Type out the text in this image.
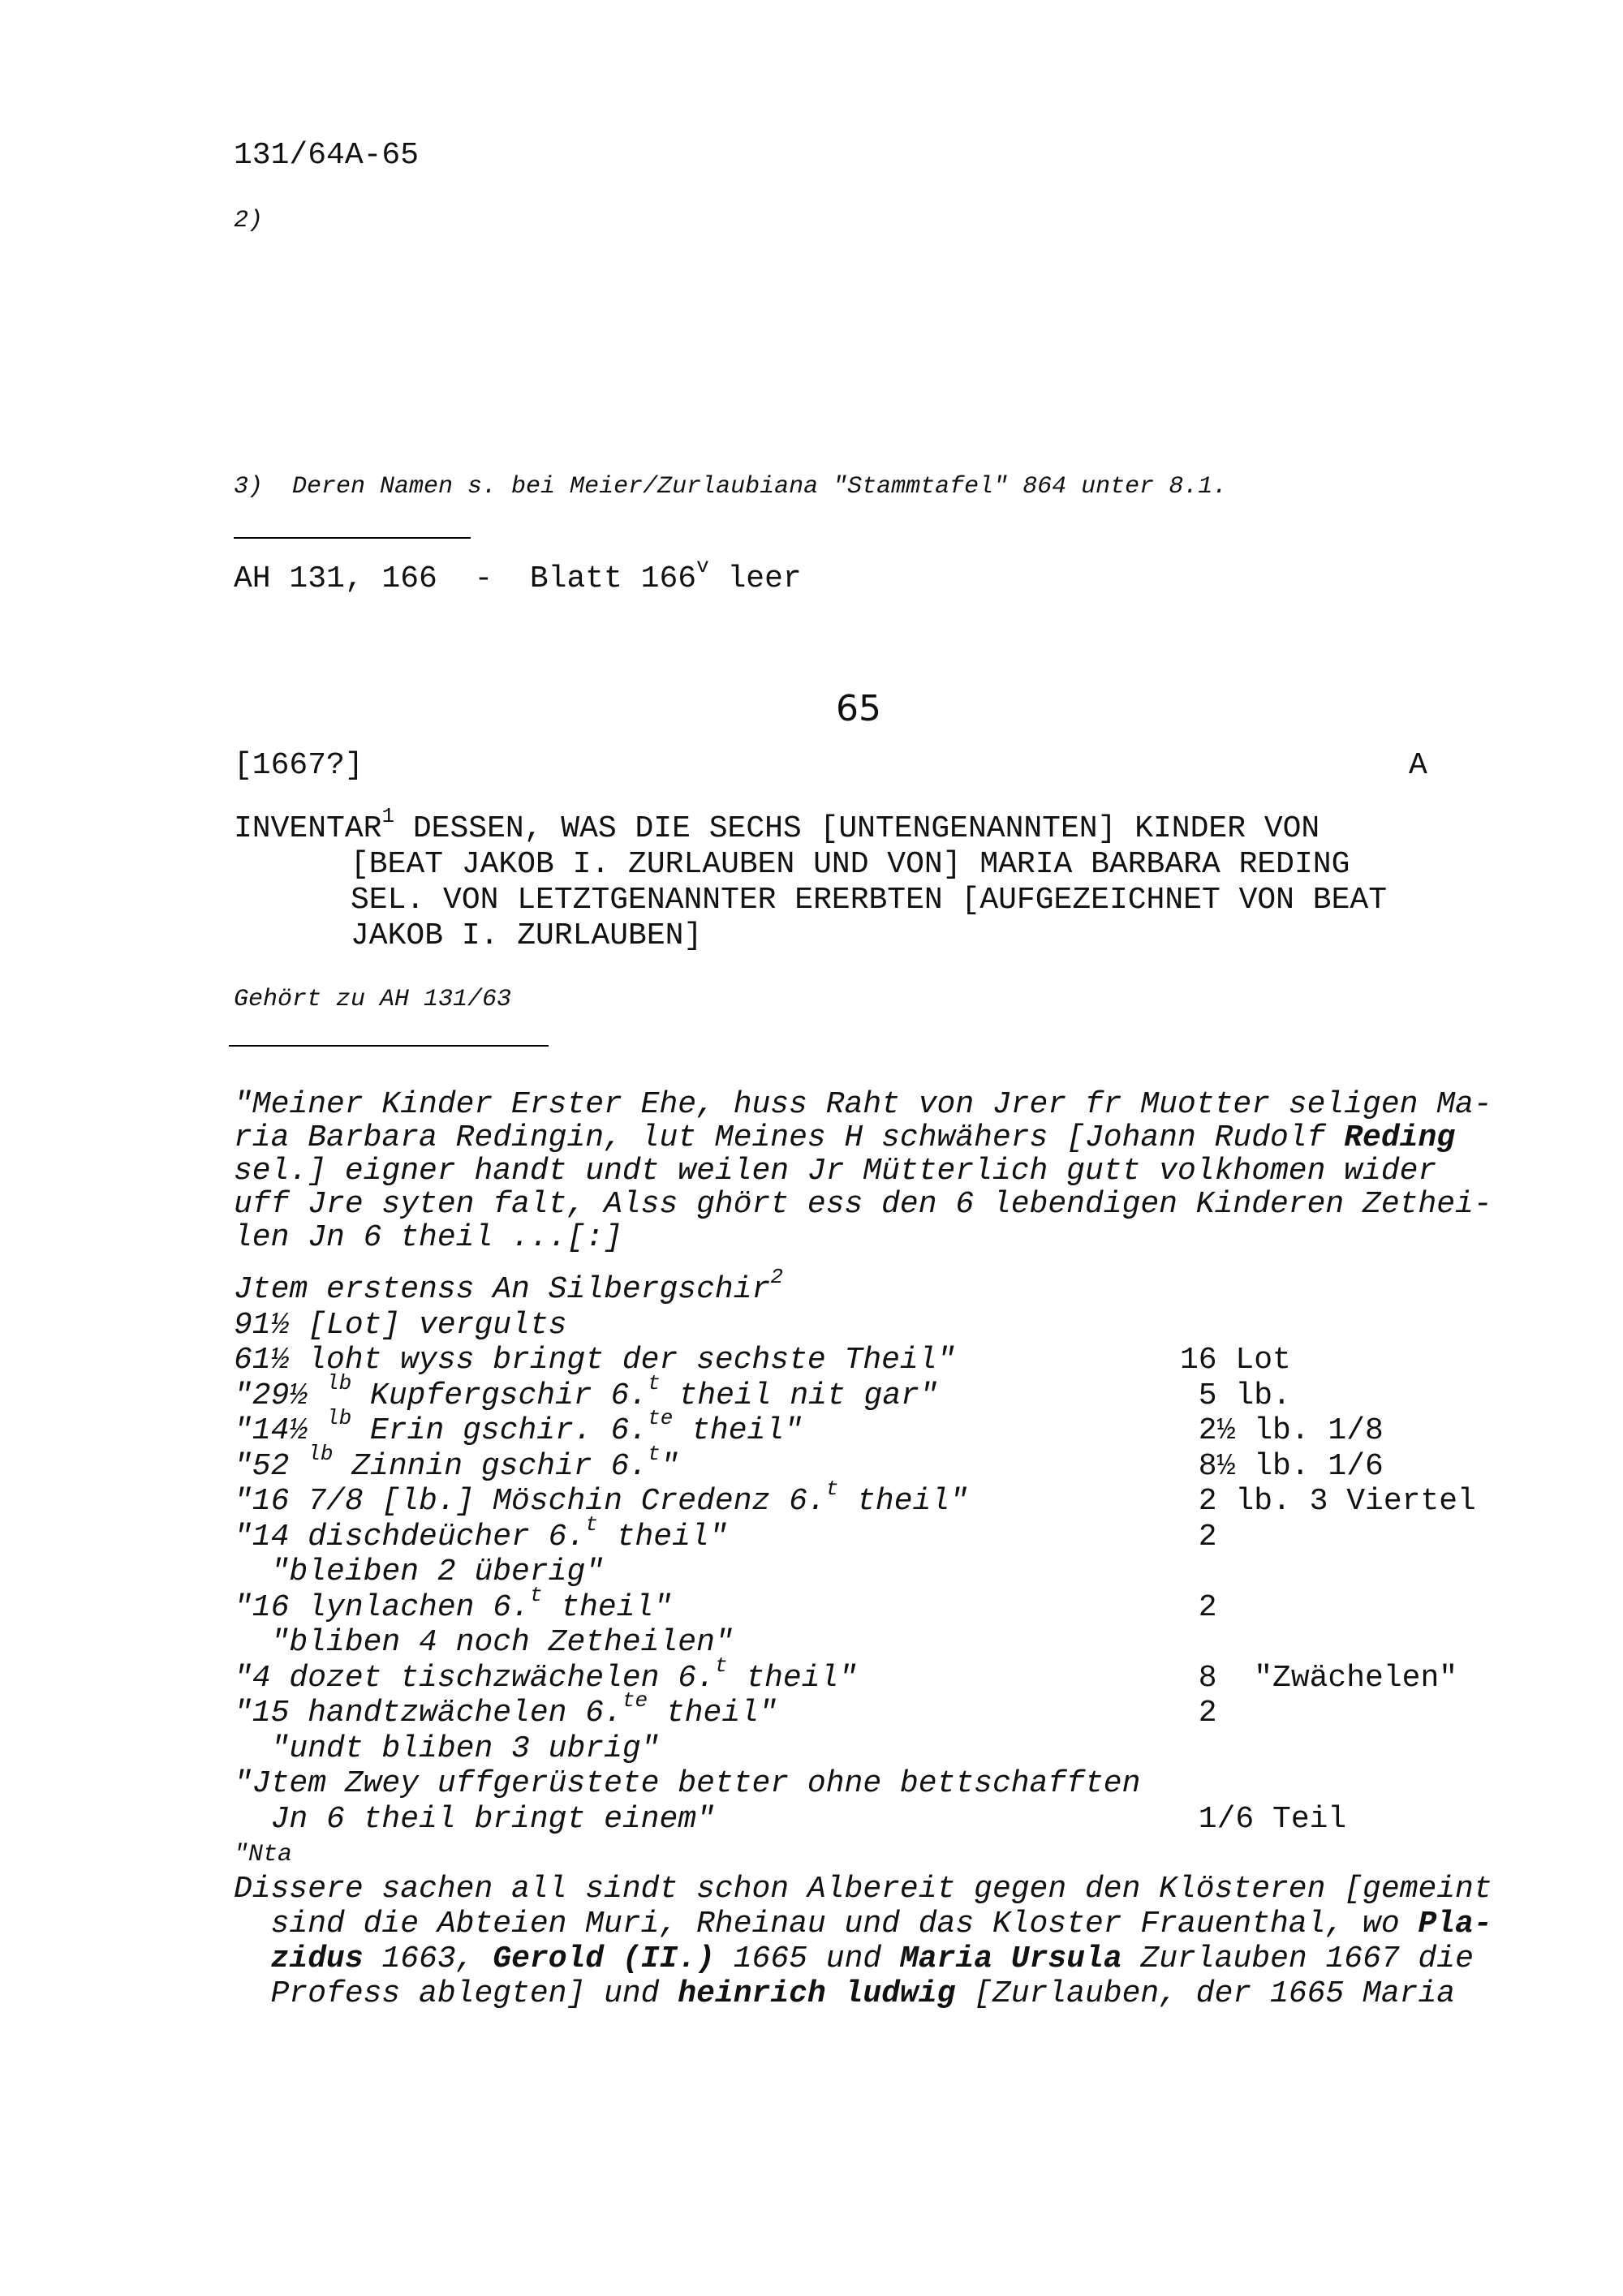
131/64A-65
2)
3)  Deren Namen s. bei Meier/Zurlaubiana "Stammtafel" 864 unter 8.1.
AH 131, 166  -  Blatt 166$^v$ leer
65
[1667?]	A
INVENTAR$^1$ DESSEN, WAS DIE SECHS [UNTENGENANNTEN] KINDER VON
[BEAT JAKOB I. ZURLAUBEN UND VON] MARIA BARBARA REDING
SEL. VON LETZTGENANNTER ERERBTEN [AUFGEZEICHNET VON BEAT
JAKOB I. ZURLAUBEN]
Gehört zu AH 131/63
"Meiner Kinder Erster Ehe, huss Raht von Jrer fr Muotter seligen Ma-
ria Barbara Redingin, lut Meines H schwähers [Johann Rudolf Reding
sel.] eigner handt undt weilen Jr Mütterlich gutt volkhomen wider
uff Jre syten falt, Alss ghört ess den 6 lebendigen Kinderen Zethei-
len Jn 6 theil ...[:]
Jtem erstenss An Silbergschir$^2$
91½ [Lot] vergults
61½ loht wyss bringt der sechste Theil"	16 Lot
"29½ $^{lb}$ Kupfergschir 6.$^t$ theil nit gar"	5 lb.
"14½ $^{lb}$ Erin gschir. 6.$^{te}$ theil"	2½ lb. 1/8
"52 $^{lb}$ Zinnin gschir 6.$^t$"	8½ lb. 1/6
"16 7/8 [lb.] Möschin Credenz 6.$^t$ theil"	2 lb. 3 Viertel
"14 dischdeücher 6.$^t$ theil"	2
"bleiben 2 überig"
"16 lynlachen 6.$^t$ theil"	2
"bliben 4 noch Zetheilen"
"4 dozet tischzwächelen 6.$^t$ theil"	8  "Zwächelen"
"15 handtzwächelen 6.$^{te}$ theil"	2
"undt bliben 3 ubrig"
"Jtem Zwey uffgerüstete better ohne bettschafften
Jn 6 theil bringt einem"	1/6 Teil
"Nta
Dissere sachen all sindt schon Albereit gegen den Klösteren [gemeint
sind die Abteien Muri, Rheinau und das Kloster Frauenthal, wo Pla-
zidus 1663, Gerold (II.) 1665 und Maria Ursula Zurlauben 1667 die
Profess ablegten] und heinrich ludwig [Zurlauben, der 1665 Maria
